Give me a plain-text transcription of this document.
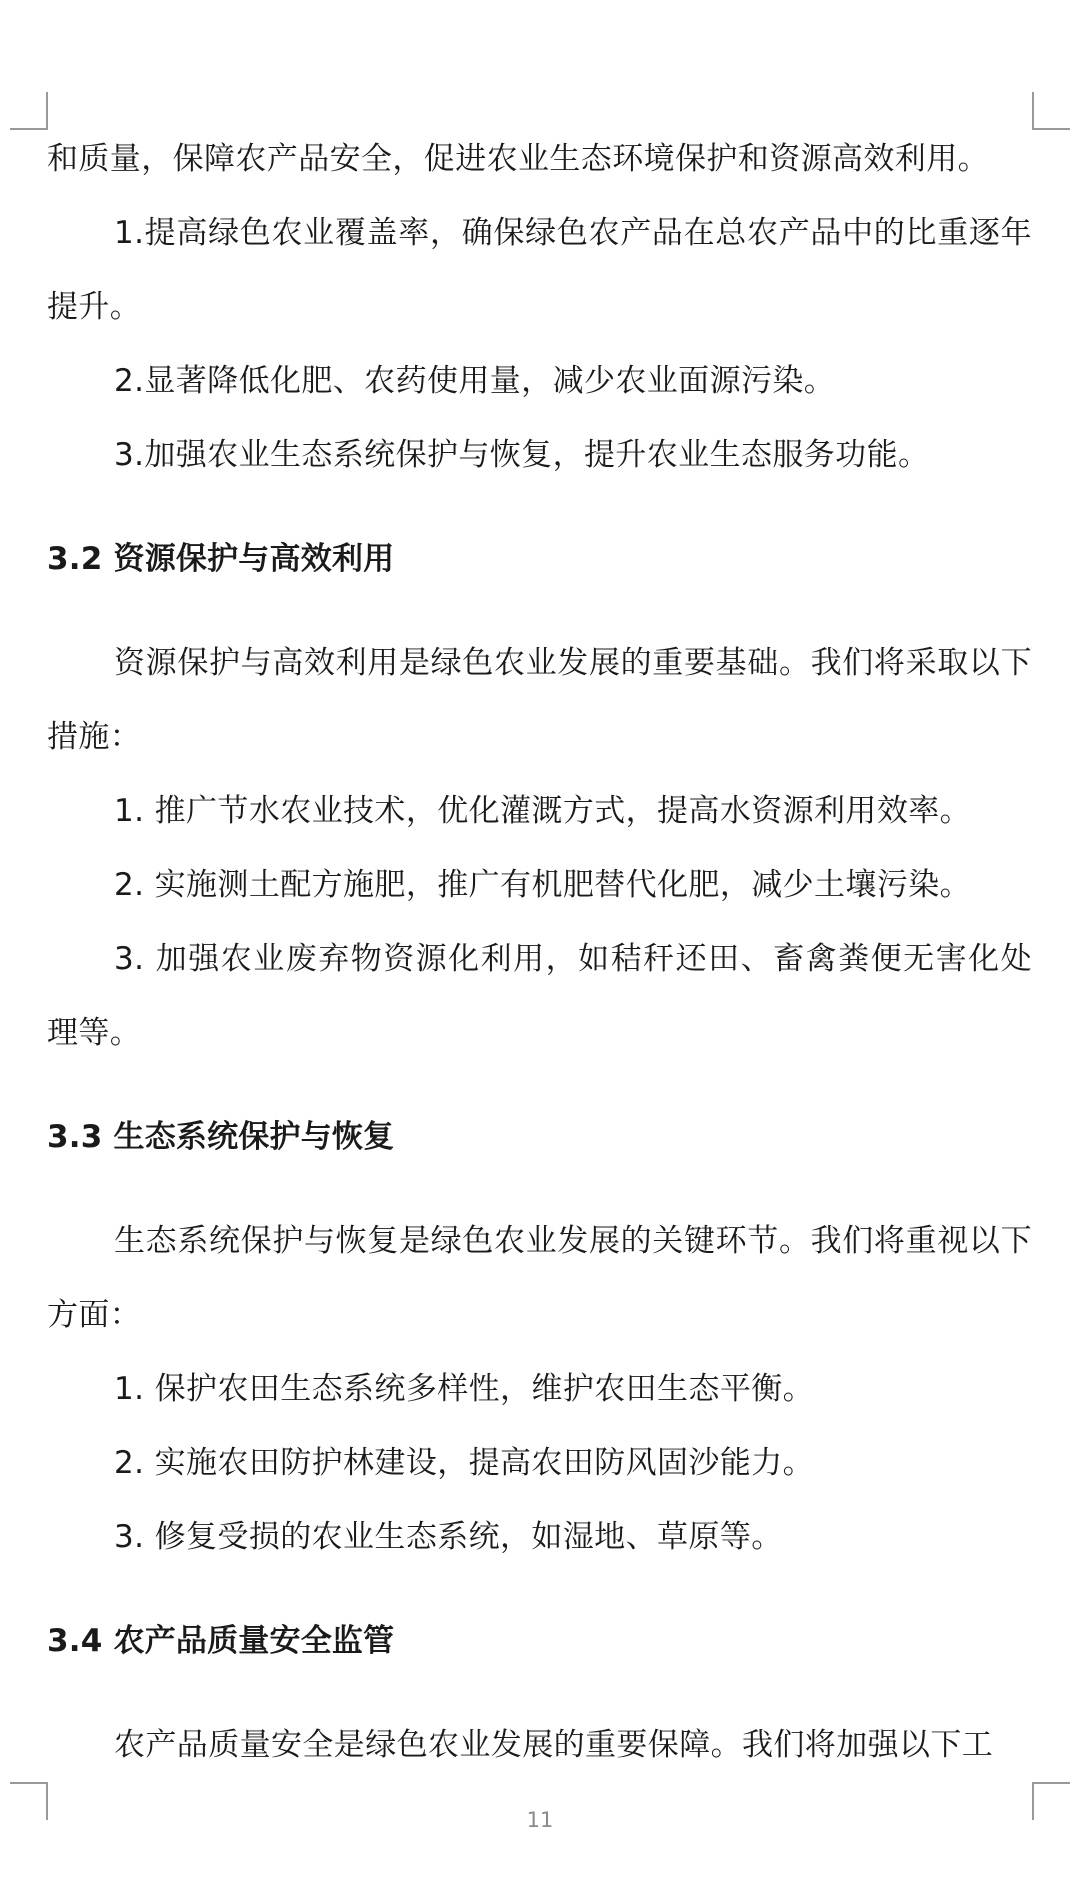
和质量，保障农产品安全，促进农业生态环境保护和资源高效利用。

1.提高绿色农业覆盖率，确保绿色农产品在总农产品中的比重逐年提升。

2.显著降低化肥、农药使用量，减少农业面源污染。

3.加强农业生态系统保护与恢复，提升农业生态服务功能。

3.2 资源保护与高效利用

资源保护与高效利用是绿色农业发展的重要基础。我们将采取以下措施：

1. 推广节水农业技术，优化灌溉方式，提高水资源利用效率。

2. 实施测土配方施肥，推广有机肥替代化肥，减少土壤污染。

3. 加强农业废弃物资源化利用，如秸秆还田、畜禽粪便无害化处理等。

3.3 生态系统保护与恢复

生态系统保护与恢复是绿色农业发展的关键环节。我们将重视以下方面：

1. 保护农田生态系统多样性，维护农田生态平衡。

2. 实施农田防护林建设，提高农田防风固沙能力。

3. 修复受损的农业生态系统，如湿地、草原等。

3.4 农产品质量安全监管

农产品质量安全是绿色农业发展的重要保障。我们将加强以下工

11
